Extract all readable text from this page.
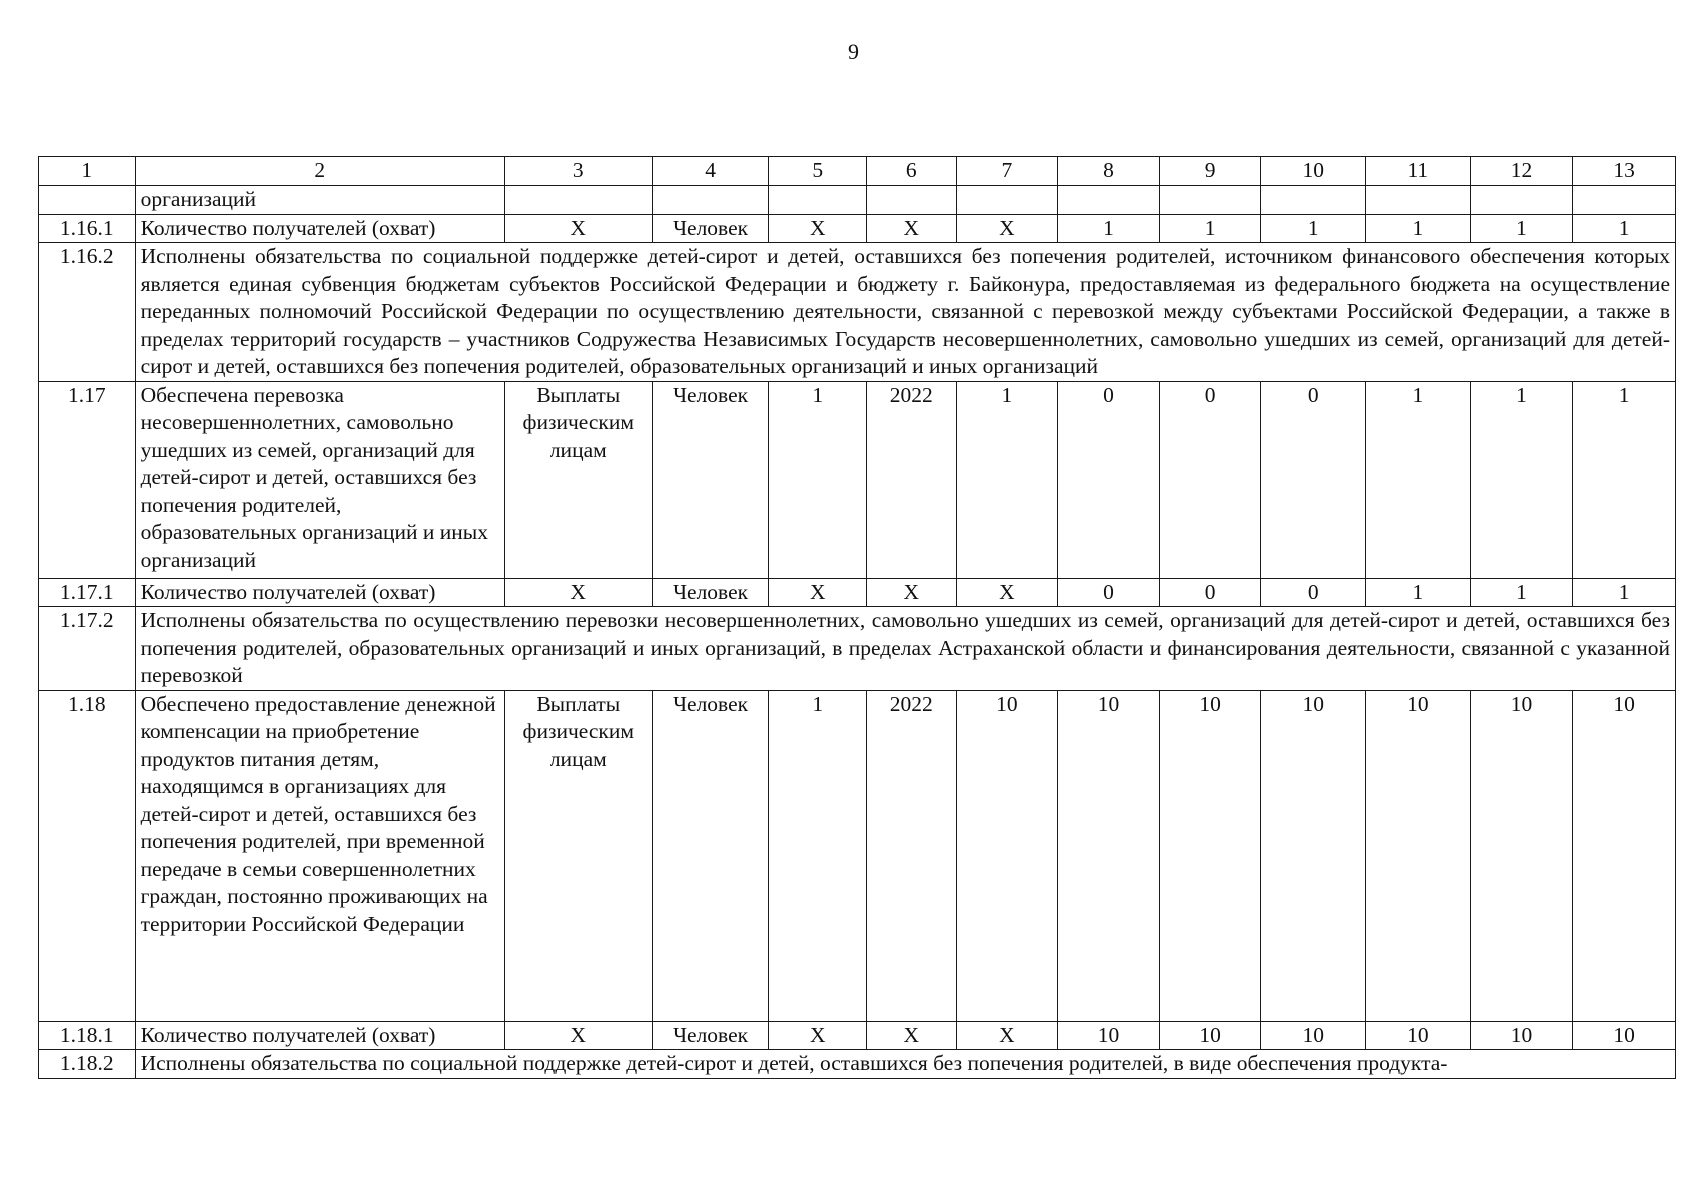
9
1	2	3	4	5	6	7	8	9	10	11	12	13
	организаций											
1.16.1	Количество получателей (охват)	Х	Человек	Х	Х	Х	1	1	1	1	1	1
1.16.2	Исполнены обязательства по социальной поддержке детей-сирот и детей, оставшихся без попечения родителей, источником финансового обеспечения которых является единая субвенция бюджетам субъектов Российской Федерации и бюджету г. Байконура, предоставляемая из федерального бюджета на осуществление переданных полномочий Российской Федерации по осуществлению деятельности, связанной с перевозкой между субъектами Российской Федерации, а также в пределах территорий государств – участников Содружества Независимых Государств несовершеннолетних, самовольно ушедших из семей, организаций для детей-сирот и детей, оставшихся без попечения родителей, образовательных организаций и иных организаций											
1.17	Обеспечена перевозка несовершеннолетних, самовольно ушедших из семей, организаций для детей-сирот и детей, оставшихся без попечения родителей, образовательных организаций и иных организаций	Выплаты физическим лицам	Человек	1	2022	1	0	0	0	1	1	1
1.17.1	Количество получателей (охват)	Х	Человек	Х	Х	Х	0	0	0	1	1	1
1.17.2	Исполнены обязательства по осуществлению перевозки несовершеннолетних, самовольно ушедших из семей, организаций для детей-сирот и детей, оставшихся без попечения родителей, образовательных организаций и иных организаций, в пределах Астраханской области и финансирования деятельности, связанной с указанной перевозкой											
1.18	Обеспечено предоставление денежной компенсации на приобретение продуктов питания детям, находящимся в организациях для детей-сирот и детей, оставшихся без попечения родителей, при временной передаче в семьи совершеннолетних граждан, постоянно проживающих на территории Российской Федерации	Выплаты физическим лицам	Человек	1	2022	10	10	10	10	10	10	10
1.18.1	Количество получателей (охват)	Х	Человек	Х	Х	Х	10	10	10	10	10	10
1.18.2	Исполнены обязательства по социальной поддержке детей-сирот и детей, оставшихся без попечения родителей, в виде обеспечения продукта-											
